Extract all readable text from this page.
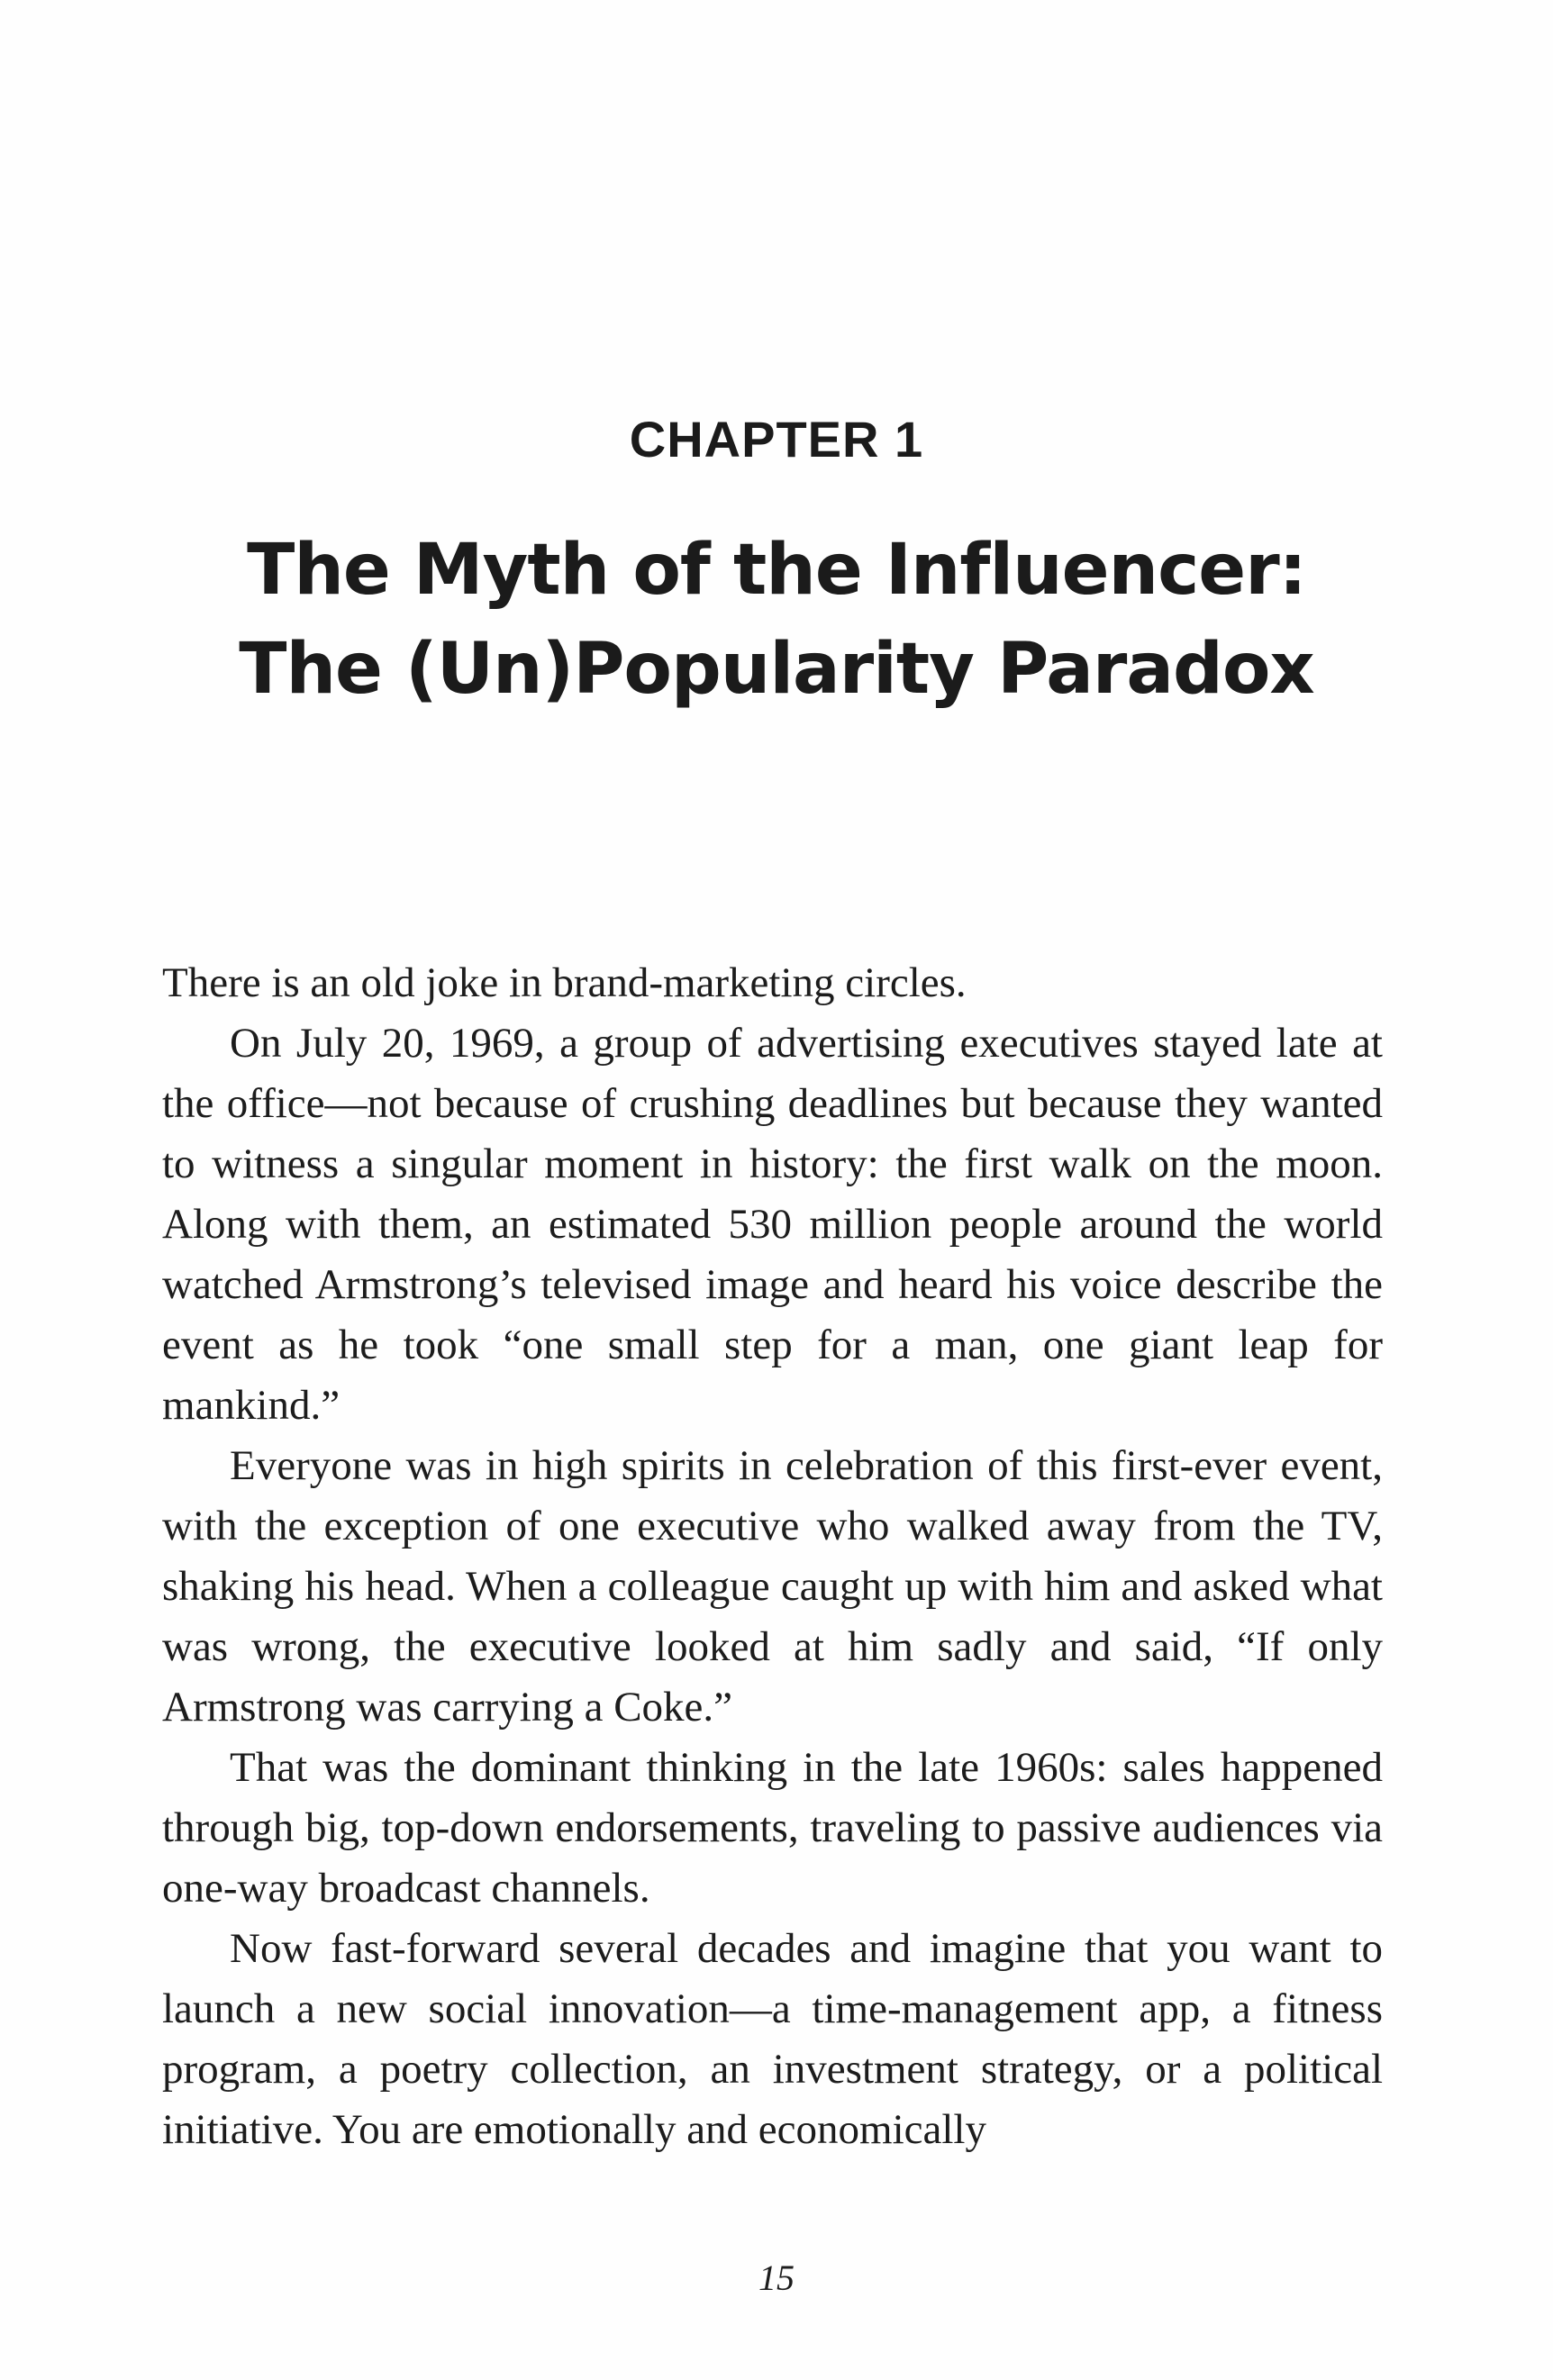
CHAPTER 1
The Myth of the Influencer:
The (Un)Popularity Paradox

There is an old joke in brand-marketing circles.

On July 20, 1969, a group of advertising executives stayed late at the office—not because of crushing deadlines but because they wanted to witness a singular moment in history: the first walk on the moon. Along with them, an estimated 530 million people around the world watched Armstrong’s televised image and heard his voice describe the event as he took “one small step for a man, one giant leap for mankind.”

Everyone was in high spirits in celebration of this first-ever event, with the exception of one executive who walked away from the TV, shaking his head. When a colleague caught up with him and asked what was wrong, the executive looked at him sadly and said, “If only Armstrong was carrying a Coke.”

That was the dominant thinking in the late 1960s: sales happened through big, top-down endorsements, traveling to passive audiences via one-way broadcast channels.

Now fast-forward several decades and imagine that you want to launch a new social innovation—a time-management app, a fitness program, a poetry collection, an investment strategy, or a political initiative. You are emotionally and economically

15
